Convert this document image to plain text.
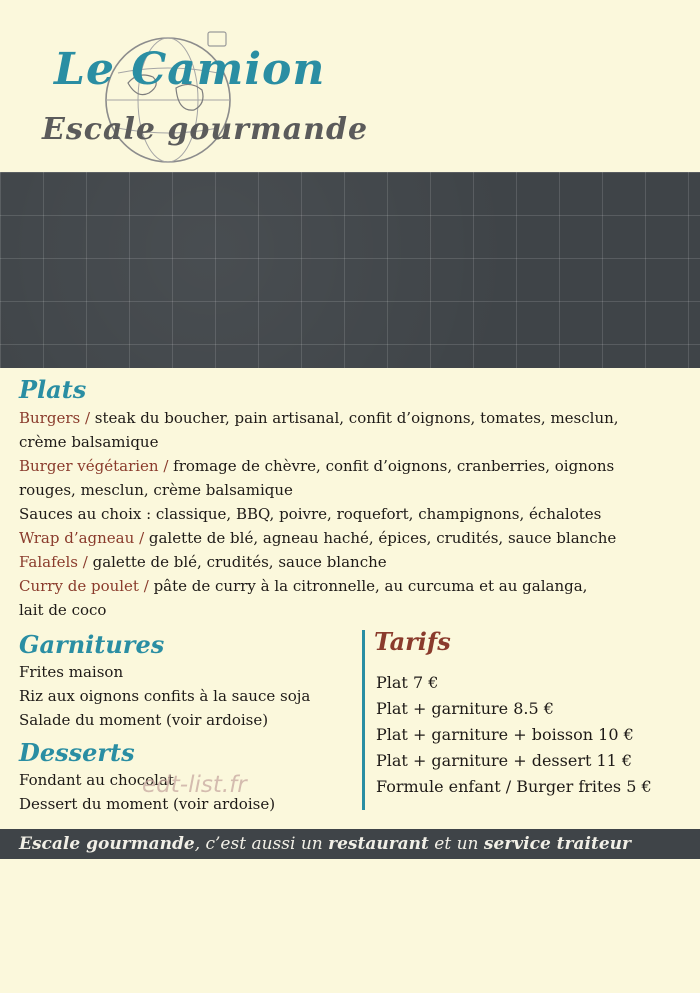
Le Camion
Escale gourmande
Plats

Burgers / steak du boucher, pain artisanal, confit d’oignons, tomates, mesclun,

crème balsamique

Burger végétarien / fromage de chèvre, confit d’oignons, cranberries, oignons

rouges, mesclun, crème balsamique

Sauces au choix : classique, BBQ, poivre, roquefort, champignons, échalotes

Wrap d’agneau / galette de blé, agneau haché, épices, crudités, sauce blanche

Falafels / galette de blé, crudités, sauce blanche

Curry de poulet / pâte de curry à la citronnelle, au curcuma et au galanga,

lait de coco

Garnitures

Frites maison

Riz aux oignons confits à la sauce soja

Salade du moment (voir ardoise)

Desserts

Fondant au chocolat

Dessert du moment (voir ardoise)

Tarifs

Plat 7 €

Plat + garniture 8.5 €

Plat + garniture + boisson 10 €

Plat + garniture + dessert 11 €

Formule enfant / Burger frites 5 €

edt-list.fr
Escale gourmande, c’est aussi un restaurant et un service traiteur
